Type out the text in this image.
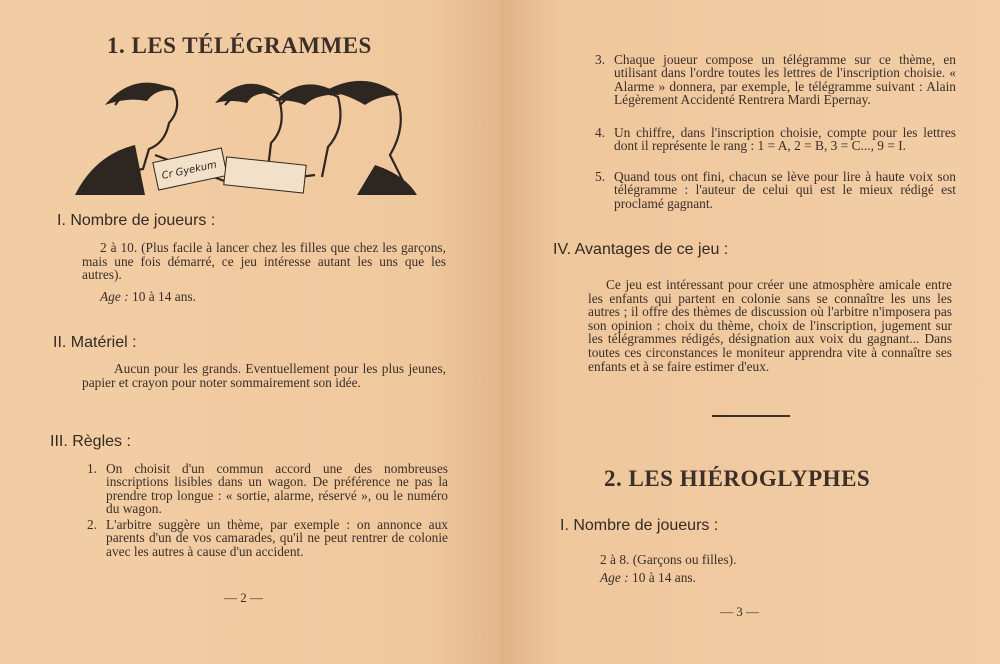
1. LES TÉLÉGRAMMES
Cr Gyekum
I. Nombre de joueurs :
2 à 10. (Plus facile à lancer chez les filles que chez les garçons, mais une fois démarré, ce jeu intéresse autant les uns que les autres).
Age : 10 à 14 ans.
II. Matériel :
Aucun pour les grands. Eventuellement pour les plus jeunes, papier et crayon pour noter sommairement son idée.
III. Règles :
1. On choisit d'un commun accord une des nombreuses inscriptions lisibles dans un wagon. De préférence ne pas la prendre trop longue : « sortie, alarme, réservé », ou le numéro du wagon.
2. L'arbitre suggère un thème, par exemple : on annonce aux parents d'un de vos camarades, qu'il ne peut rentrer de colonie avec les autres à cause d'un accident.
— 2 —
3. Chaque joueur compose un télégramme sur ce thème, en utilisant dans l'ordre toutes les lettres de l'inscription choisie. « Alarme » donnera, par exemple, le télégramme suivant : Alain Légèrement Accidenté Rentrera Mardi Epernay.
4. Un chiffre, dans l'inscription choisie, compte pour les lettres dont il représente le rang : 1 = A, 2 = B, 3 = C..., 9 = I.
5. Quand tous ont fini, chacun se lève pour lire à haute voix son télégramme : l'auteur de celui qui est le mieux rédigé est proclamé gagnant.
IV. Avantages de ce jeu :
Ce jeu est intéressant pour créer une atmosphère amicale entre les enfants qui partent en colonie sans se connaître les uns les autres ; il offre des thèmes de discussion où l'arbitre n'imposera pas son opinion : choix du thème, choix de l'inscription, jugement sur les télégrammes rédigés, désignation aux voix du gagnant... Dans toutes ces circonstances le moniteur apprendra vite à connaître ses enfants et à se faire estimer d'eux.
2. LES HIÉROGLYPHES
I. Nombre de joueurs :
2 à 8. (Garçons ou filles).
Age : 10 à 14 ans.
— 3 —
